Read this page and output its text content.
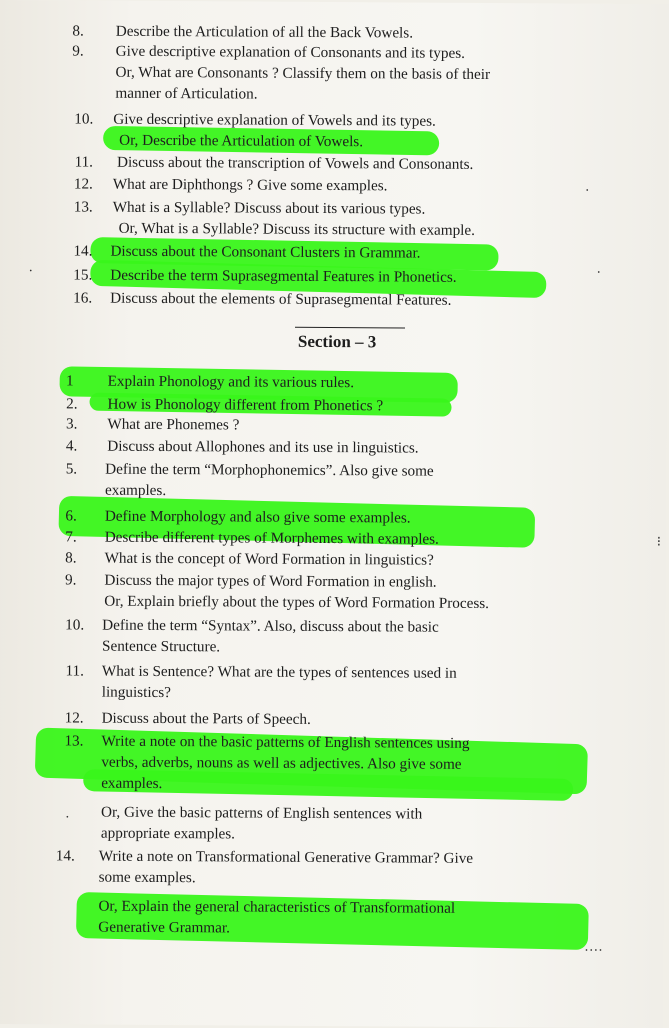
8. Describe the Articulation of all the Back Vowels.
9. Give descriptive explanation of Consonants and its types.
Or, What are Consonants ? Classify them on the basis of their
manner of Articulation.
10. Give descriptive explanation of Vowels and its types.
Or, Describe the Articulation of Vowels.
11. Discuss about the transcription of Vowels and Consonants.
12. What are Diphthongs ? Give some examples.
13. What is a Syllable? Discuss about its various types.
Or, What is a Syllable? Discuss its structure with example.
14. Discuss about the Consonant Clusters in Grammar.
15. Describe the term Suprasegmental Features in Phonetics.
16. Discuss about the elements of Suprasegmental Features.
Section – 3
1 Explain Phonology and its various rules.
2. How is Phonology different from Phonetics ?
3. What are Phonemes ?
4. Discuss about Allophones and its use in linguistics.
5. Define the term “Morphophonemics”. Also give some
examples.
6. Define Morphology and also give some examples.
7. Describe different types of Morphemes with examples.
8. What is the concept of Word Formation in linguistics?
9. Discuss the major types of Word Formation in english.
Or, Explain briefly about the types of Word Formation Process.
10. Define the term “Syntax”. Also, discuss about the basic
Sentence Structure.
11. What is Sentence? What are the types of sentences used in
linguistics?
12. Discuss about the Parts of Speech.
13. Write a note on the basic patterns of English sentences using
verbs, adverbs, nouns as well as adjectives. Also give some
examples.
Or, Give the basic patterns of English sentences with
appropriate examples.
14. Write a note on Transformational Generative Grammar? Give
some examples.
Or, Explain the general characteristics of Transformational
Generative Grammar.
·
·
·
·
····
⁝
